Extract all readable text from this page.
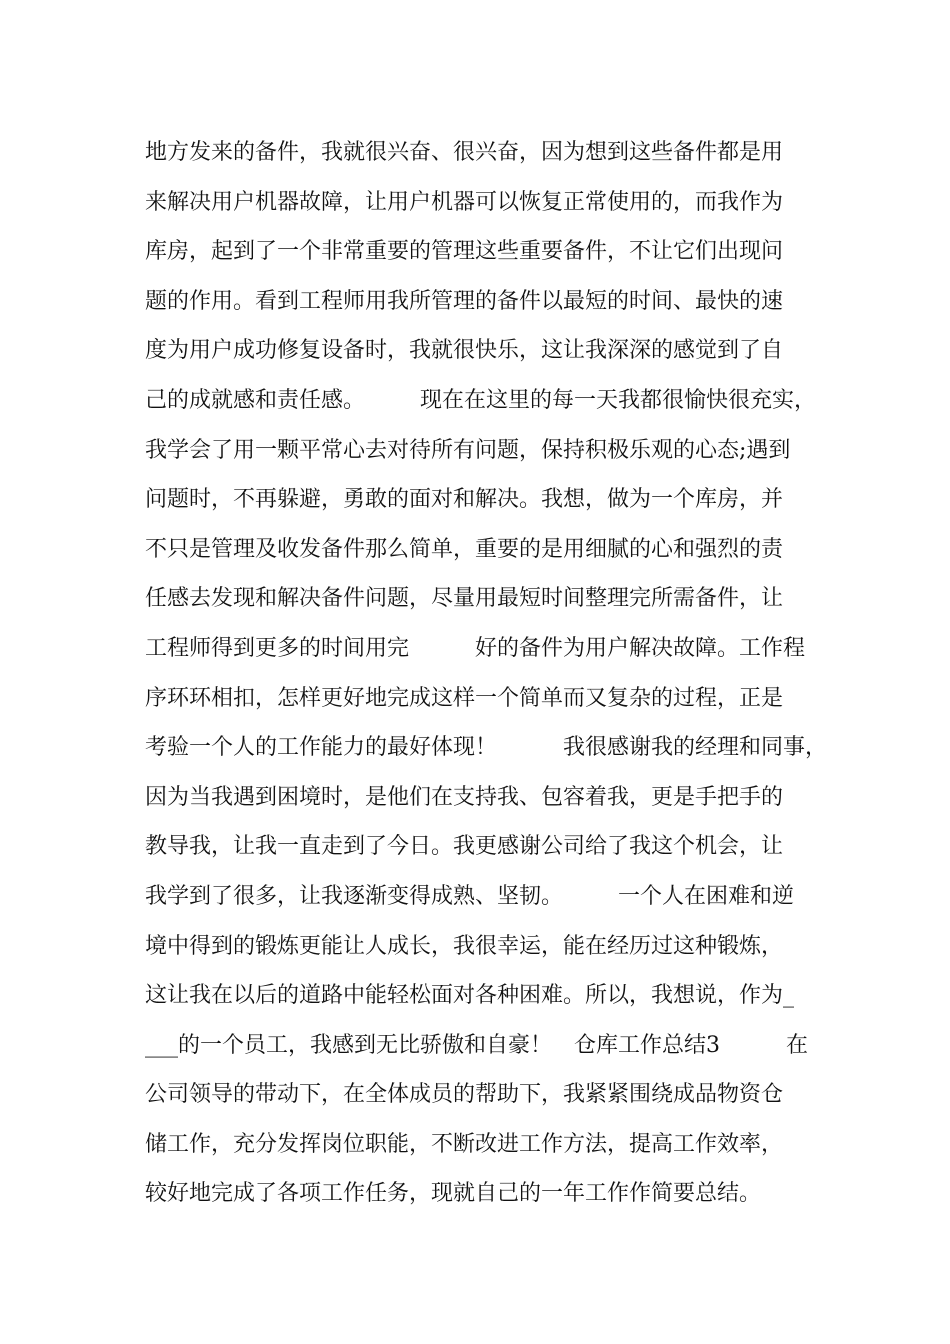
地方发来的备件，我就很兴奋、很兴奋，因为想到这些备件都是用
来解决用户机器故障，让用户机器可以恢复正常使用的，而我作为
库房，起到了一个非常重要的管理这些重要备件，不让它们出现问
题的作用。看到工程师用我所管理的备件以最短的时间、最快的速
度为用户成功修复设备时，我就很快乐，这让我深深的感觉到了自
己的成就感和责任感。　　　现在在这里的每一天我都很愉快很充实，
我学会了用一颗平常心去对待所有问题，保持积极乐观的心态;遇到
问题时，不再躲避，勇敢的面对和解决。我想，做为一个库房，并
不只是管理及收发备件那么简单，重要的是用细腻的心和强烈的责
任感去发现和解决备件问题，尽量用最短时间整理完所需备件，让
工程师得到更多的时间用完　　　好的备件为用户解决故障。工作程
序环环相扣，怎样更好地完成这样一个简单而又复杂的过程，正是
考验一个人的工作能力的最好体现！　　　我很感谢我的经理和同事，
因为当我遇到困境时，是他们在支持我、包容着我，更是手把手的
教导我，让我一直走到了今日。我更感谢公司给了我这个机会，让
我学到了很多，让我逐渐变得成熟、坚韧。　　　一个人在困难和逆
境中得到的锻炼更能让人成长，我很幸运，能在经历过这种锻炼，
这让我在以后的道路中能轻松面对各种困难。所以，我想说，作为_
___的一个员工，我感到无比骄傲和自豪！　仓库工作总结3　　　在
公司领导的带动下，在全体成员的帮助下，我紧紧围绕成品物资仓
储工作，充分发挥岗位职能，不断改进工作方法，提高工作效率，
较好地完成了各项工作任务，现就自己的一年工作作简要总结。
